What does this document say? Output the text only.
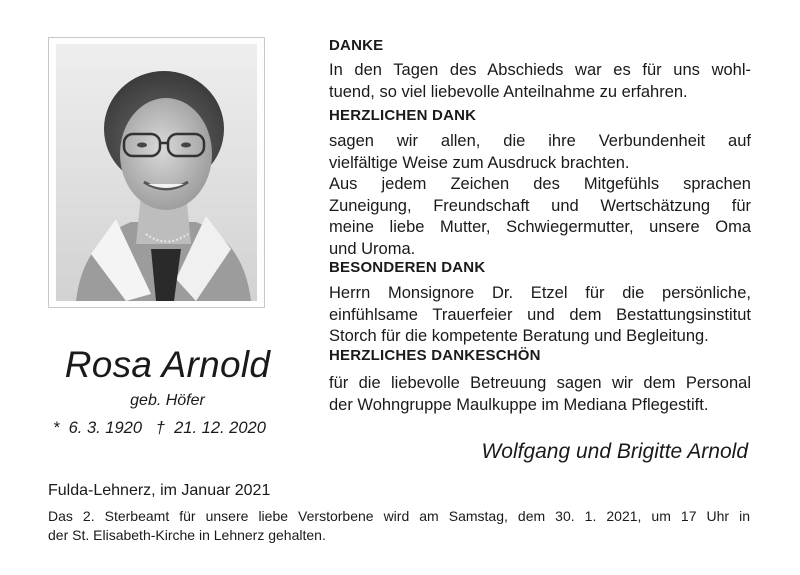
Rosa Arnold
geb. Höfer
* 6. 3. 1920 † 21. 12. 2020
DANKE
In den Tagen des Abschieds war es für uns wohl-
tuend, so viel liebevolle Anteilnahme zu erfahren.
HERZLICHEN DANK
sagen wir allen, die ihre Verbundenheit auf
vielfältige Weise zum Ausdruck brachten.
Aus jedem Zeichen des Mitgefühls sprachen
Zuneigung, Freundschaft und Wertschätzung für
meine liebe Mutter, Schwiegermutter, unsere Oma
und Uroma.
BESONDEREN DANK
Herrn Monsignore Dr. Etzel für die persönliche,
einfühlsame Trauerfeier und dem Bestattungsinstitut
Storch für die kompetente Beratung und Begleitung.
HERZLICHES DANKESCHÖN
für die liebevolle Betreuung sagen wir dem Personal
der Wohngruppe Maulkuppe im Mediana Pflegestift.
Wolfgang und Brigitte Arnold
Fulda-Lehnerz, im Januar 2021
Das 2. Sterbeamt für unsere liebe Verstorbene wird am Samstag, dem 30. 1. 2021, um 17 Uhr in
der St. Elisabeth-Kirche in Lehnerz gehalten.
